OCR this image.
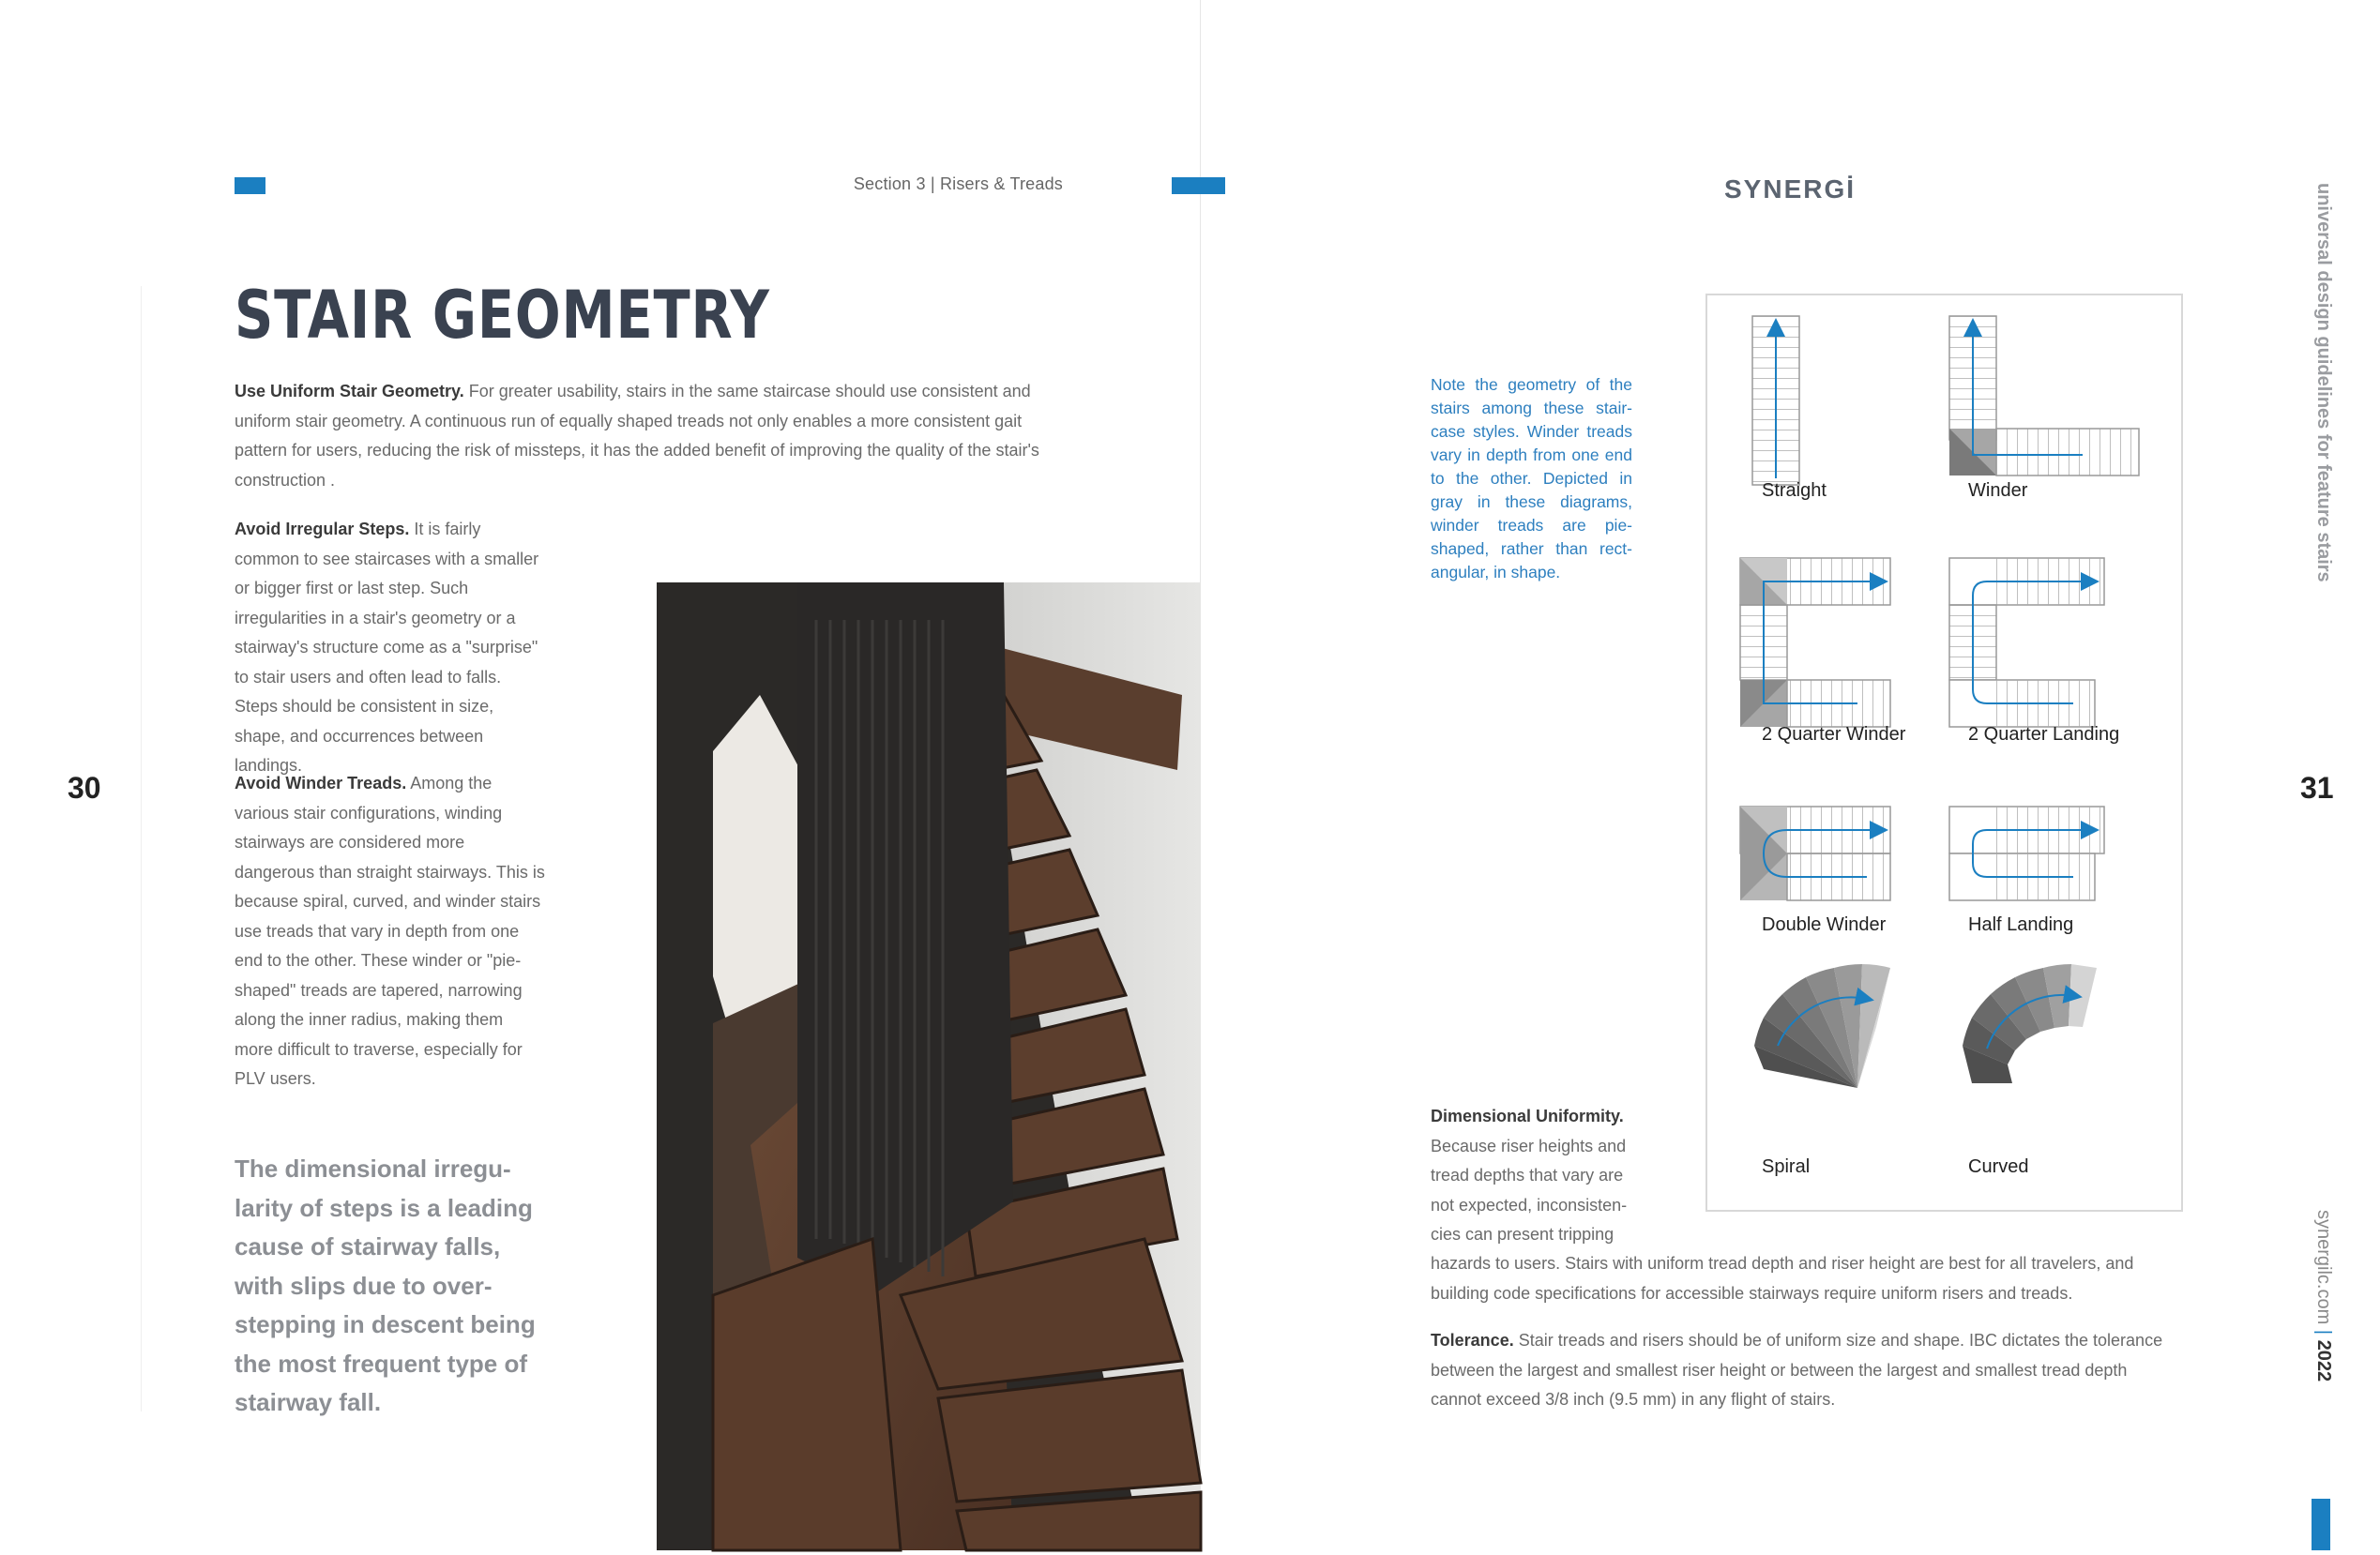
Section 3 | Risers & Treads	SYNERGİ
STAIR GEOMETRY
Use Uniform Stair Geometry. For greater usability, stairs in the same staircase should use consistent and uniform stair geometry. A continuous run of equally shaped treads not only enables a more consistent gait pattern for users, reducing the risk of missteps, it has the added benefit of improving the quality of the stair's construction .
Avoid Irregular Steps. It is fairly common to see staircases with a smaller or bigger first or last step. Such irregularities in a stair's geometry or a stairway's structure come as a "surprise" to stair users and often lead to falls. Steps should be consistent in size, shape, and occurrences between landings.
Avoid Winder Treads. Among the various stair configurations, winding stairways are considered more dangerous than straight stairways. This is because spiral, curved, and winder stairs use treads that vary in depth from one end to the other. These winder or "pie-shaped" treads are tapered, narrowing along the inner radius, making them more difficult to traverse, especially for PLV users.
The dimensional irregu-larity of steps is a leading cause of stairway falls, with slips due to over-stepping in descent being the most frequent type of stairway fall.
30
Note the geometry of the stairs among these stair-case styles. Winder treads vary in depth from one end to the other. Depicted in gray in these diagrams, winder treads are pie-shaped, rather than rect-angular, in shape.
Straight	Winder
2 Quarter Winder	2 Quarter Landing
Double Winder	Half Landing
Spiral	Curved
Dimensional Uniformity. Because riser heights and tread depths that vary are not expected, inconsisten-cies can present tripping
hazards to users. Stairs with uniform tread depth and riser height are best for all travelers, and building code specifications for accessible stairways require uniform risers and treads.
Tolerance. Stair treads and risers should be of uniform size and shape. IBC dictates the tolerance between the largest and smallest riser height or between the largest and smallest tread depth cannot exceed 3/8 inch (9.5 mm) in any flight of stairs.
universal design guidelines for feature stairs
synergilc.com | 2022
31
